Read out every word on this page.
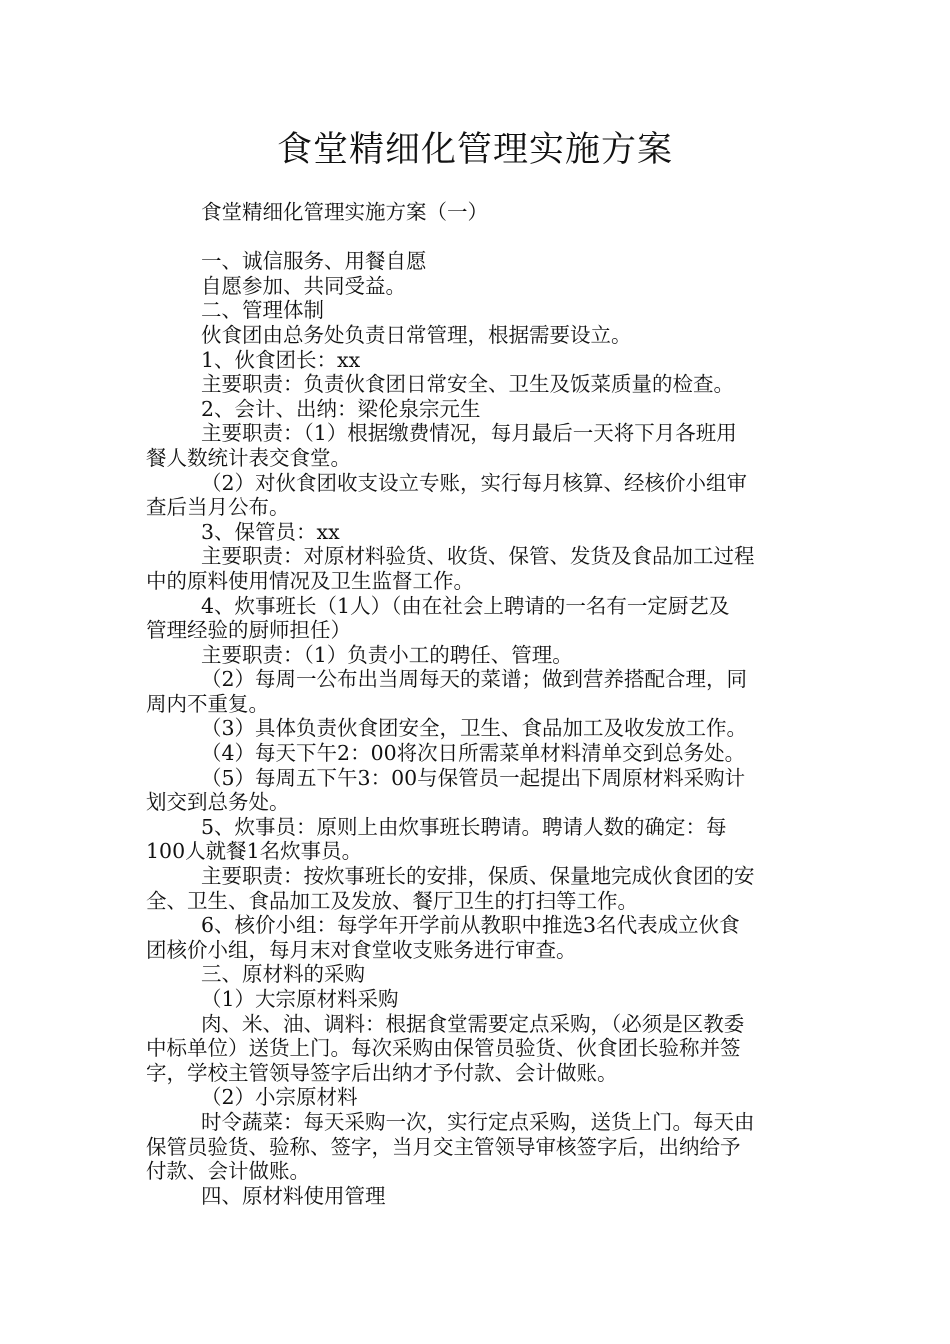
食堂精细化管理实施方案
食堂精细化管理实施方案（一）
一、诚信服务、用餐自愿
自愿参加、共同受益。
二、管理体制
伙食团由总务处负责日常管理，根据需要设立。
1、伙食团长：xx
主要职责：负责伙食团日常安全、卫生及饭菜质量的检查。
2、会计、出纳：梁伦泉宗元生
主要职责：（1）根据缴费情况，每月最后一天将下月各班用
餐人数统计表交食堂。
（2）对伙食团收支设立专账，实行每月核算、经核价小组审
查后当月公布。
3、保管员：xx
主要职责：对原材料验货、收货、保管、发货及食品加工过程
中的原料使用情况及卫生监督工作。
4、炊事班长（1人）（由在社会上聘请的一名有一定厨艺及
管理经验的厨师担任）
主要职责：（1）负责小工的聘任、管理。
（2）每周一公布出当周每天的菜谱；做到营养搭配合理，同
周内不重复。
（3）具体负责伙食团安全，卫生、食品加工及收发放工作。
（4）每天下午2：00将次日所需菜单材料清单交到总务处。
（5）每周五下午3：00与保管员一起提出下周原材料采购计
划交到总务处。
5、炊事员：原则上由炊事班长聘请。聘请人数的确定：每
100人就餐1名炊事员。
主要职责：按炊事班长的安排，保质、保量地完成伙食团的安
全、卫生、食品加工及发放、餐厅卫生的打扫等工作。
6、核价小组：每学年开学前从教职中推选3名代表成立伙食
团核价小组，每月末对食堂收支账务进行审查。
三、原材料的采购
（1）大宗原材料采购
肉、米、油、调料：根据食堂需要定点采购，（必须是区教委
中标单位）送货上门。每次采购由保管员验货、伙食团长验称并签
字，学校主管领导签字后出纳才予付款、会计做账。
（2）小宗原材料
时令蔬菜：每天采购一次，实行定点采购，送货上门。每天由
保管员验货、验称、签字，当月交主管领导审核签字后，出纳给予
付款、会计做账。
四、原材料使用管理
